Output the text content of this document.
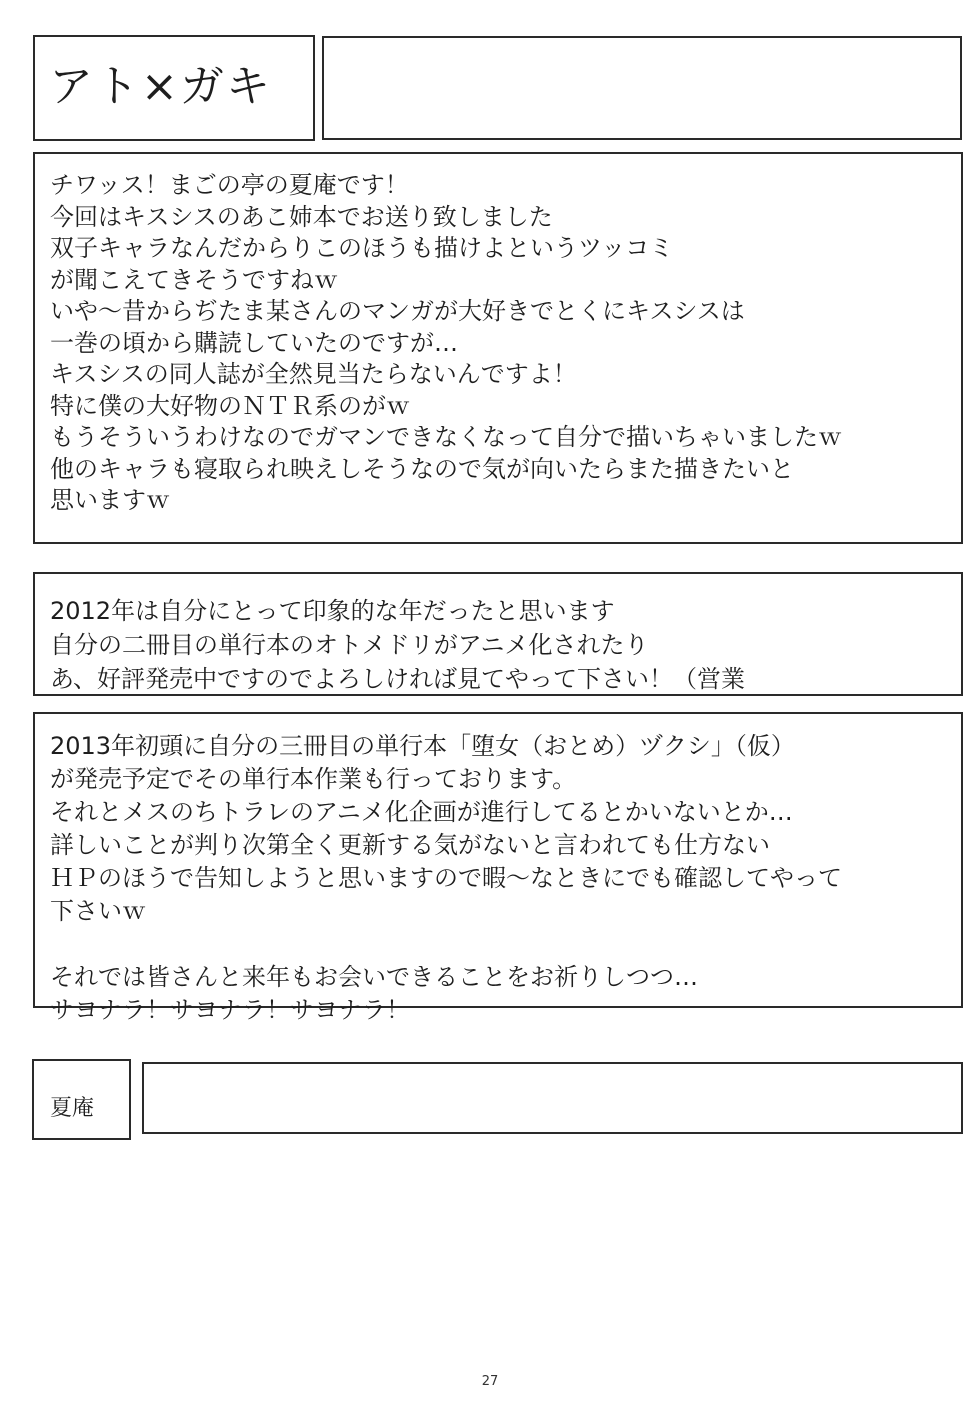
アト×ガキ
チワッス！まごの亭の夏庵です！
今回はキスシスのあこ姉本でお送り致しました
双子キャラなんだからりこのほうも描けよというツッコミ
が聞こえてきそうですねｗ
いや～昔からぢたま某さんのマンガが大好きでとくにキスシスは
一巻の頃から購読していたのですが…
キスシスの同人誌が全然見当たらないんですよ！
特に僕の大好物のＮＴＲ系のがｗ
もうそういうわけなのでガマンできなくなって自分で描いちゃいましたｗ
他のキャラも寝取られ映えしそうなので気が向いたらまた描きたいと
思いますｗ
2012年は自分にとって印象的な年だったと思います
自分の二冊目の単行本のオトメドリがアニメ化されたり
あ、好評発売中ですのでよろしければ見てやって下さい！（営業
2013年初頭に自分の三冊目の単行本「堕女（おとめ）ヅクシ」（仮）
が発売予定でその単行本作業も行っております。
それとメスのちトラレのアニメ化企画が進行してるとかいないとか…
詳しいことが判り次第全く更新する気がないと言われても仕方ない
ＨＰのほうで告知しようと思いますので暇～なときにでも確認してやって
下さいｗ
それでは皆さんと来年もお会いできることをお祈りしつつ…
サヨナラ！サヨナラ！サヨナラ！
夏庵
27
